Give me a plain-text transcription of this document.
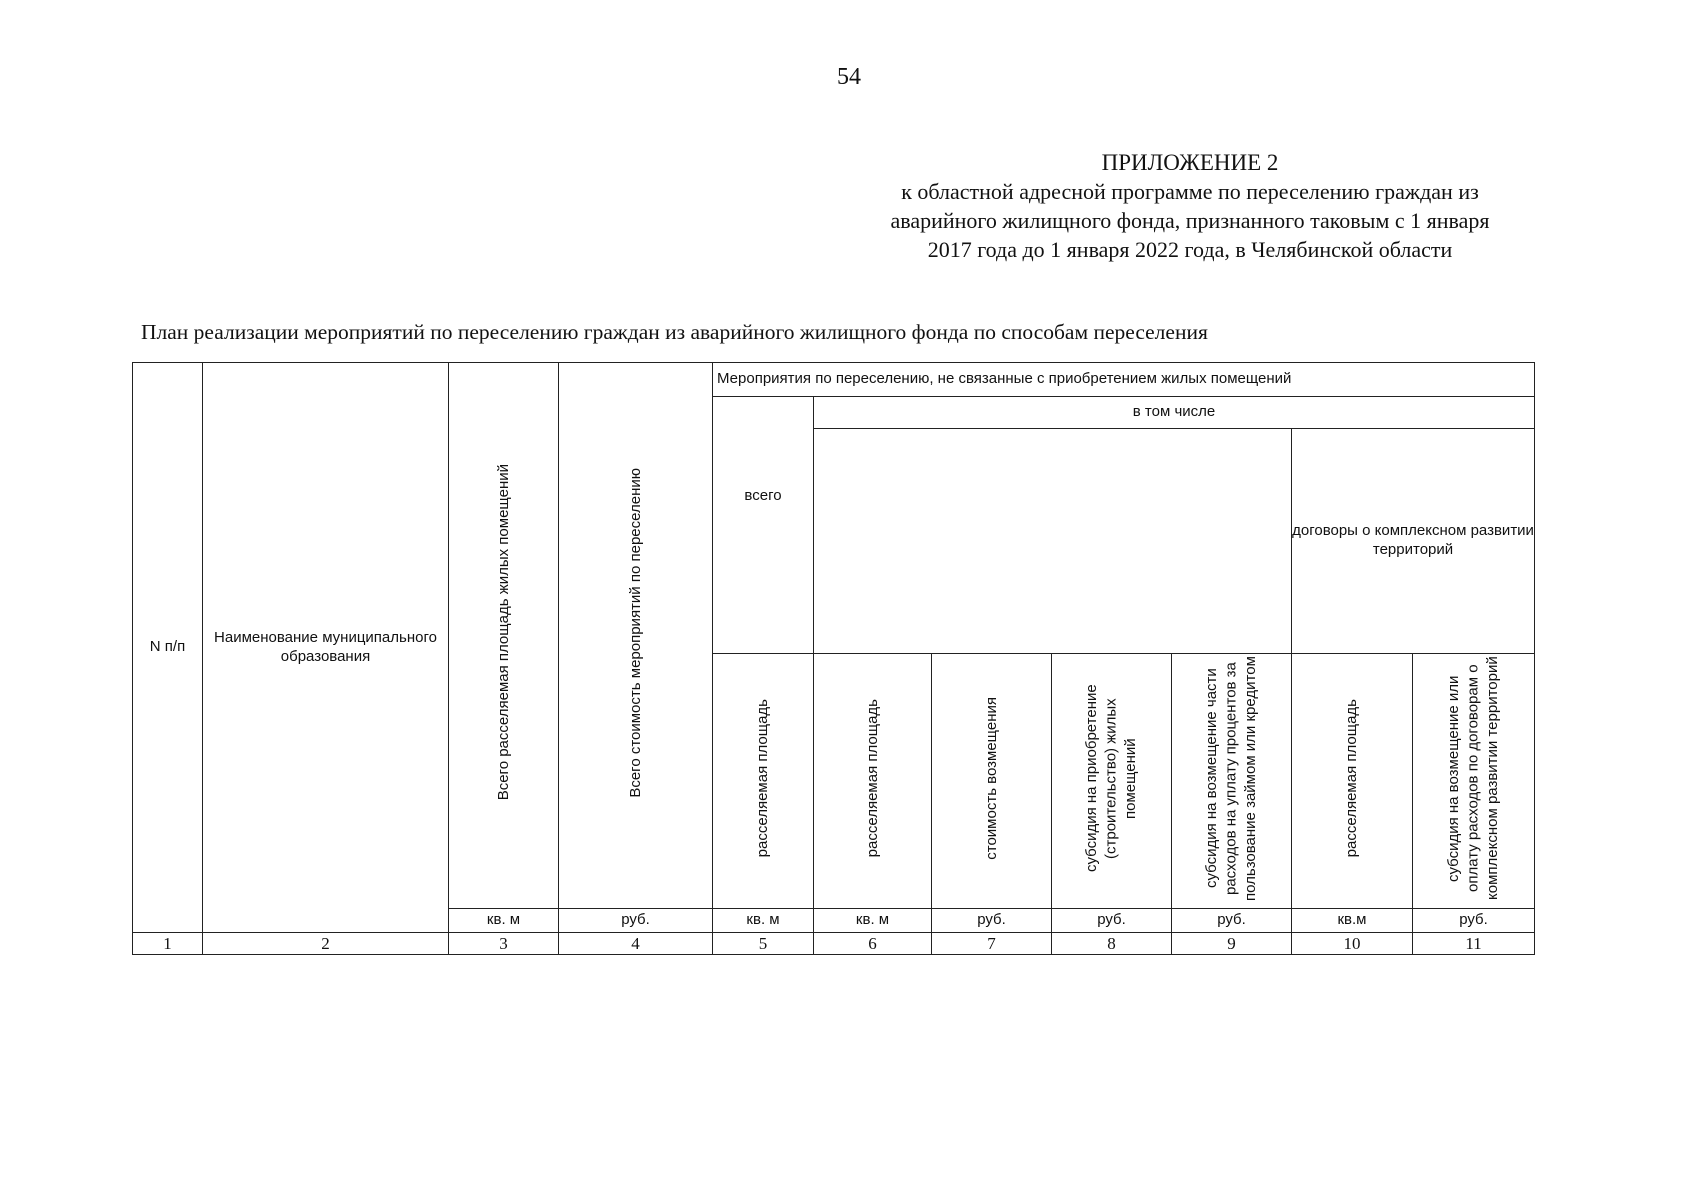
54
ПРИЛОЖЕНИЕ 2
к областной адресной программе по переселению граждан из
аварийного жилищного фонда, признанного таковым с 1 января
2017 года до 1 января 2022 года, в Челябинской области
План реализации мероприятий по переселению граждан из аварийного жилищного фонда по способам переселения
N п/п	Наименование муниципального образования	Всего расселяемая площадь жилых помещений	Всего стоимость мероприятий по переселению	Мероприятия по переселению, не связанные с приобретением жилых помещений						

				всего	в том числе					
									договоры о комплексном развитии территорий	
				расселяемая площадь	расселяемая площадь	стоимость возмещения	субсидия на приобретение (строительство) жилых помещений	субсидия на возмещение части расходов на уплату процентов за пользование займом или кредитом	расселяемая площадь	субсидия на возмещение или оплату расходов по договорам о комплексном развитии территорий
		кв. м	руб.	кв. м	кв. м	руб.	руб.	руб.	кв.м	руб.
1	2	3	4	5	6	7	8	9	10	11
